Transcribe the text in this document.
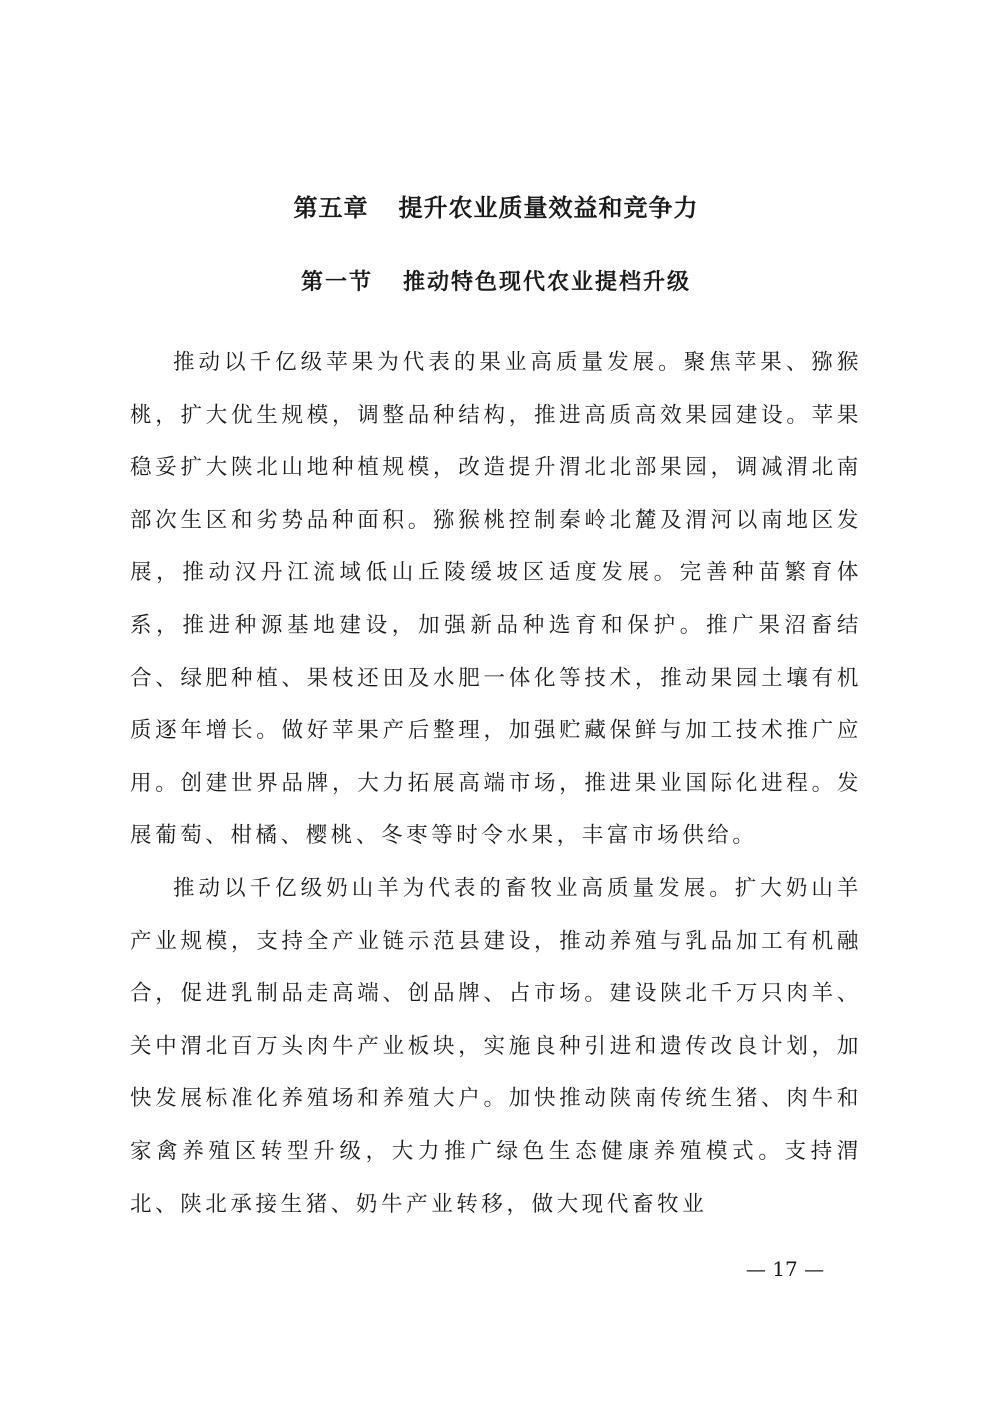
第五章 提升农业质量效益和竞争力
第一节 推动特色现代农业提档升级

推动以千亿级苹果为代表的果业高质量发展。聚焦苹果、猕猴桃，扩大优生规模，调整品种结构，推进高质高效果园建设。苹果稳妥扩大陕北山地种植规模，改造提升渭北北部果园，调减渭北南部次生区和劣势品种面积。猕猴桃控制秦岭北麓及渭河以南地区发展，推动汉丹江流域低山丘陵缓坡区适度发展。完善种苗繁育体系，推进种源基地建设，加强新品种选育和保护。推广果沼畜结合、绿肥种植、果枝还田及水肥一体化等技术，推动果园土壤有机质逐年增长。做好苹果产后整理，加强贮藏保鲜与加工技术推广应用。创建世界品牌，大力拓展高端市场，推进果业国际化进程。发展葡萄、柑橘、樱桃、冬枣等时令水果，丰富市场供给。

推动以千亿级奶山羊为代表的畜牧业高质量发展。扩大奶山羊产业规模，支持全产业链示范县建设，推动养殖与乳品加工有机融合，促进乳制品走高端、创品牌、占市场。建设陕北千万只肉羊、关中渭北百万头肉牛产业板块，实施良种引进和遗传改良计划，加快发展标准化养殖场和养殖大户。加快推动陕南传统生猪、肉牛和家禽养殖区转型升级，大力推广绿色生态健康养殖模式。支持渭北、陕北承接生猪、奶牛产业转移，做大现代畜牧业

— 17 —
